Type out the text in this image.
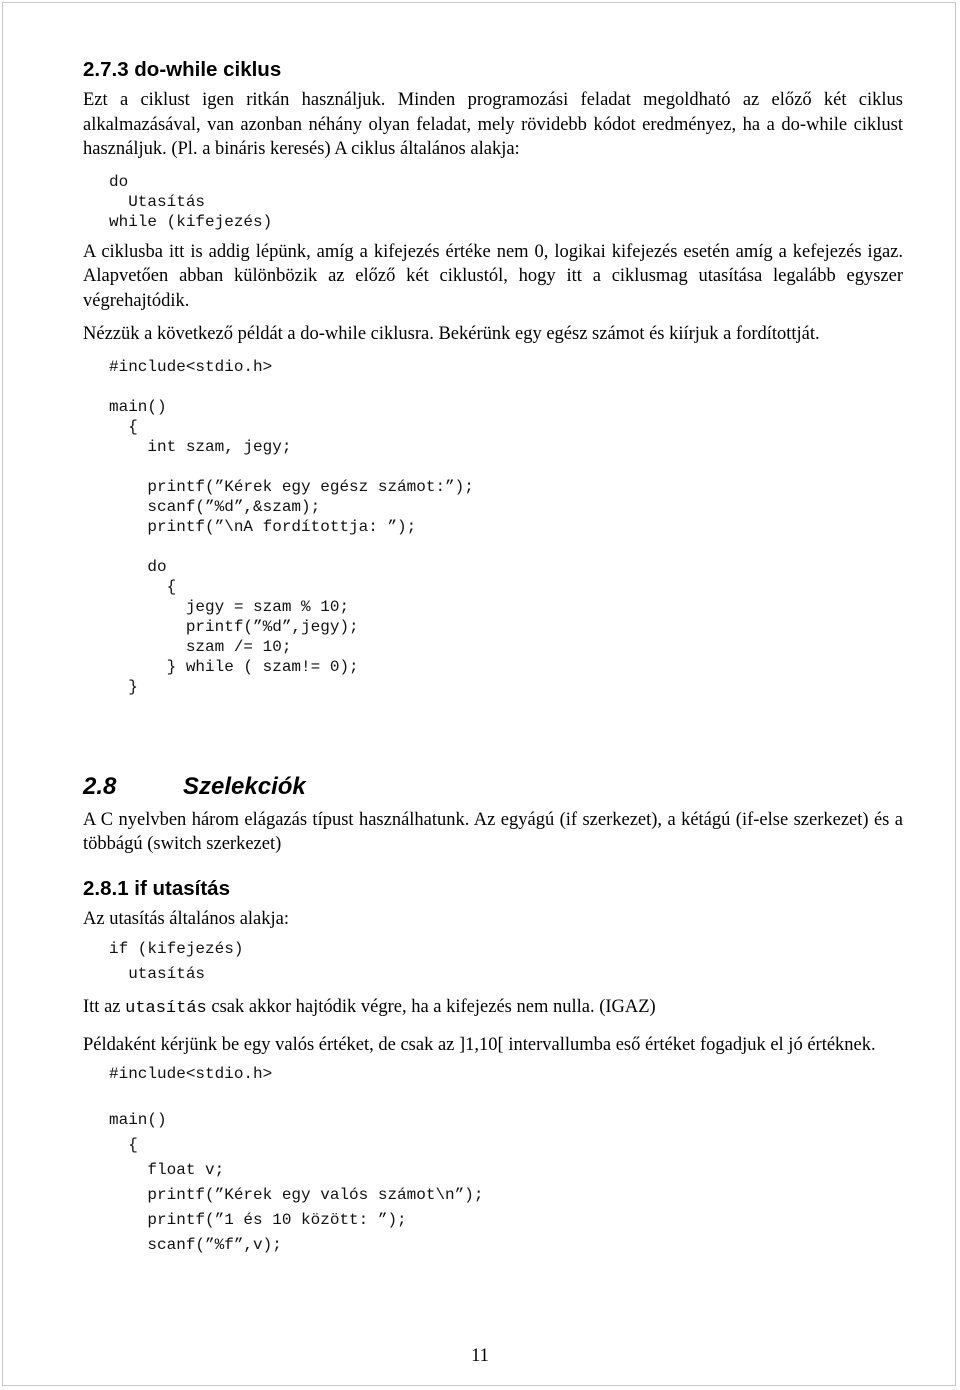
2.7.3 do-while ciklus

Ezt a ciklust igen ritkán használjuk. Minden programozási feladat megoldható az előző két ciklus alkalmazásával, van azonban néhány olyan feladat, mely rövidebb kódot eredményez, ha a do-while ciklust használjuk. (Pl. a bináris keresés) A ciklus általános alakja:

do
Utasítás
while (kifejezés)

A ciklusba itt is addig lépünk, amíg a kifejezés értéke nem 0, logikai kifejezés esetén amíg a kefejezés igaz. Alapvetően abban különbözik az előző két ciklustól, hogy itt a ciklusmag utasítása legalább egyszer végrehajtódik.

Nézzük a következő példát a do-while ciklusra. Bekérünk egy egész számot és kiírjuk a fordítottját.

#include<stdio.h>
main()
{
int szam, jegy;

printf(”Kérek egy egész számot:”);
scanf(”%d”,&szam);
printf(”\nA fordítottja: ”);

do
{
jegy = szam % 10;
printf(”%d”,jegy);
szam /= 10;
} while ( szam!= 0);
}
2.8	Szelekciók

A C nyelvben három elágazás típust használhatunk. Az egyágú (if szerkezet), a kétágú (if-else szerkezet) és a többágú (switch szerkezet)

2.8.1 if utasítás

Az utasítás általános alakja:

if (kifejezés)
utasítás

Itt az utasítás csak akkor hajtódik végre, ha a kifejezés nem nulla. (IGAZ)

Példaként kérjünk be egy valós értéket, de csak az ]1,10[ intervallumba eső értéket fogadjuk el jó értéknek.

#include<stdio.h>
main()
{
float v;
printf(”Kérek egy valós számot\n”);
printf(”1 és 10 között: ”);
scanf(”%f”,v);
11
